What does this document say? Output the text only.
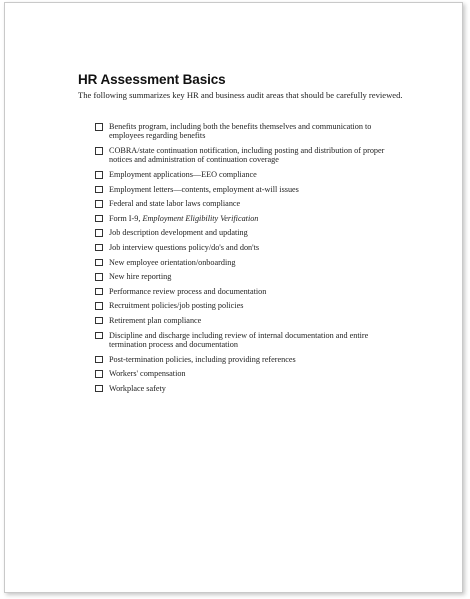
HR Assessment Basics

The following summarizes key HR and business audit areas that should be carefully reviewed.

Benefits program, including both the benefits themselves and communication to employees regarding benefits
COBRA/state continuation notification, including posting and distribution of proper notices and administration of continuation coverage
Employment applications—EEO compliance
Employment letters—contents, employment at-will issues
Federal and state labor laws compliance
Form I-9, Employment Eligibility Verification
Job description development and updating
Job interview questions policy/do's and don'ts
New employee orientation/onboarding
New hire reporting
Performance review process and documentation
Recruitment policies/job posting policies
Retirement plan compliance
Discipline and discharge including review of internal documentation and entire termination process and documentation
Post-termination policies, including providing references
Workers' compensation
Workplace safety
